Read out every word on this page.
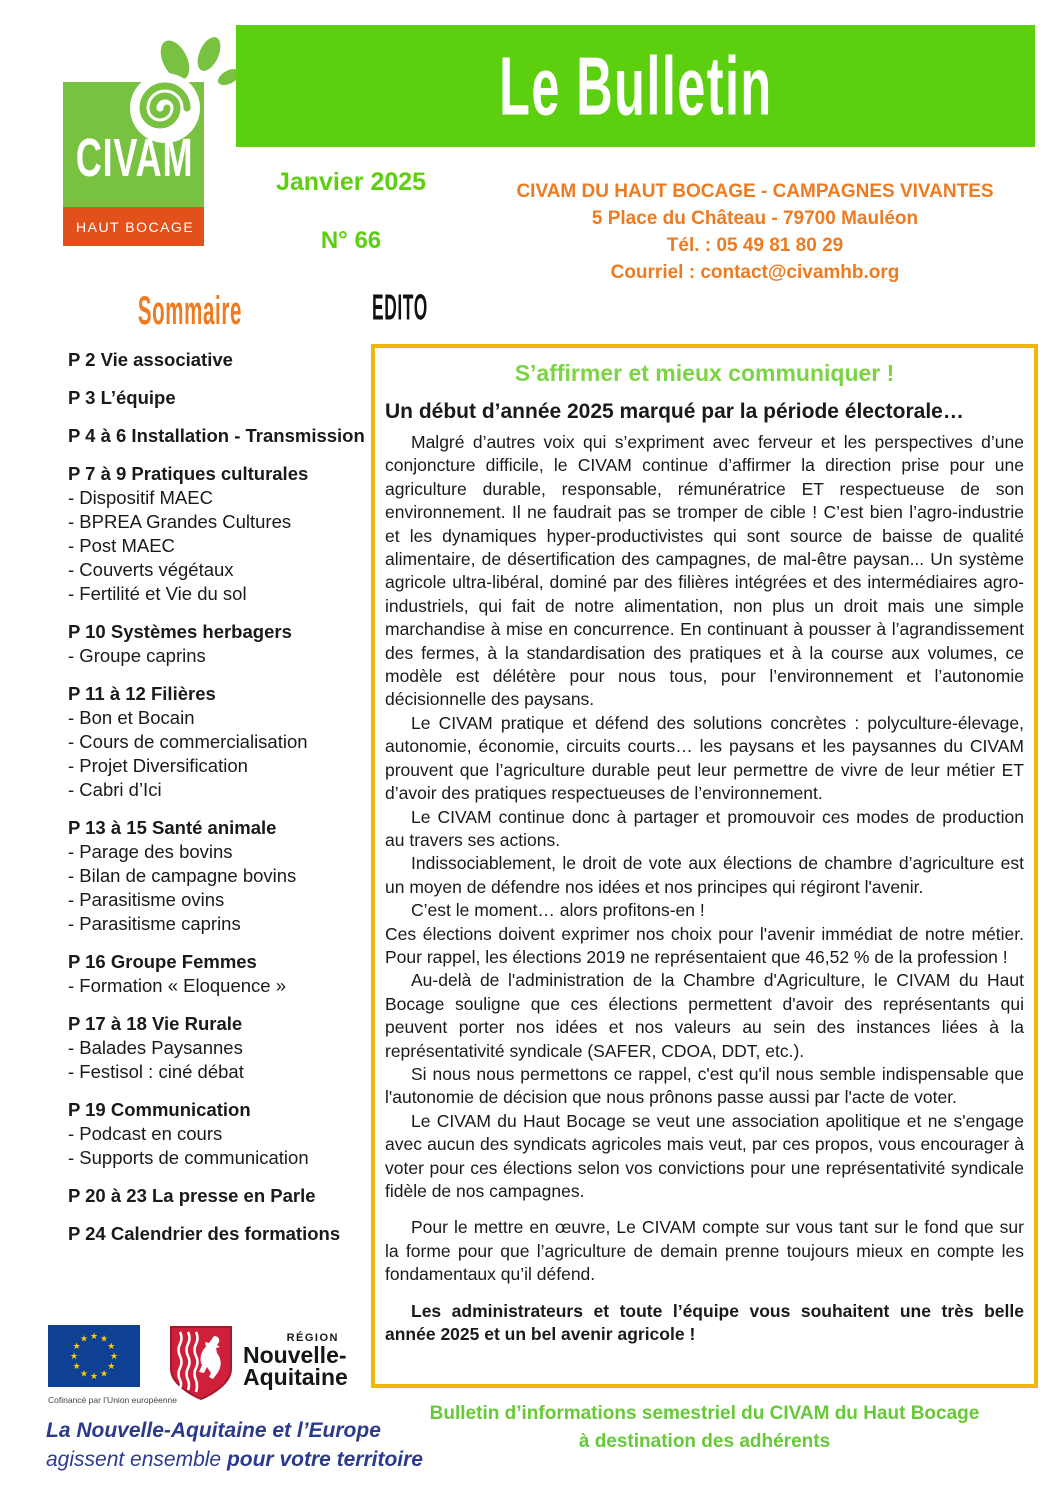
CIVAM
HAUT BOCAGE
Le Bulletin
Janvier 2025
N° 66
CIVAM DU HAUT BOCAGE - CAMPAGNES VIVANTES
5 Place du Château - 79700 Mauléon
Tél. : 05 49 81 80 29
Courriel : contact@civamhb.org
Sommaire
P 2 Vie associative
P 3 L’équipe
P 4 à 6 Installation - Transmission
P 7 à 9 Pratiques culturales
- Dispositif MAEC
- BPREA Grandes Cultures
- Post MAEC
- Couverts végétaux
- Fertilité et Vie du sol
P 10 Systèmes herbagers
- Groupe caprins
P 11 à 12 Filières
- Bon et Bocain
- Cours de commercialisation
- Projet Diversification
- Cabri d’Ici
P 13 à 15 Santé animale
- Parage des bovins
- Bilan de campagne bovins
- Parasitisme ovins
- Parasitisme caprins
P 16 Groupe Femmes
- Formation « Eloquence »
P 17 à 18 Vie Rurale
- Balades Paysannes
- Festisol : ciné débat
P 19 Communication
- Podcast en cours
- Supports de communication
P 20 à 23 La presse en Parle
P 24 Calendrier des formations
EDITO
S’affirmer et mieux communiquer !
Un début d’année 2025 marqué par la période électorale…

Malgré d’autres voix qui s’expriment avec ferveur et les perspectives d’une conjoncture difficile, le CIVAM continue d’affirmer la direction prise pour une agriculture durable, responsable, rémunératrice ET respectueuse de son environnement. Il ne faudrait pas se tromper de cible ! C’est bien l’agro-industrie et les dynamiques hyper-productivistes qui sont source de baisse de qualité alimentaire, de désertification des campagnes, de mal-être paysan... Un système agricole ultra-libéral, dominé par des filières intégrées et des intermédiaires agro-industriels, qui fait de notre alimentation, non plus un droit mais une simple marchandise à mise en concurrence. En continuant à pousser à l’agrandissement des fermes, à la standardisation des pratiques et à la course aux volumes, ce modèle est délétère pour nous tous, pour l’environnement et l’autonomie décisionnelle des paysans.

Le CIVAM pratique et défend des solutions concrètes : polyculture-élevage, autonomie, économie, circuits courts… les paysans et les paysannes du CIVAM prouvent que l’agriculture durable peut leur permettre de vivre de leur métier ET d’avoir des pratiques respectueuses de l’environnement.

Le CIVAM continue donc à partager et promouvoir ces modes de production au travers ses actions.

Indissociablement, le droit de vote aux élections de chambre d’agriculture est un moyen de défendre nos idées et nos principes qui régiront l'avenir.

C’est le moment… alors profitons-en !

Ces élections doivent exprimer nos choix pour l'avenir immédiat de notre métier. Pour rappel, les élections 2019 ne représentaient que 46,52 % de la profession !

Au-delà de l'administration de la Chambre d'Agriculture, le CIVAM du Haut Bocage souligne que ces élections permettent d'avoir des représentants qui peuvent porter nos idées et nos valeurs au sein des instances liées à la représentativité syndicale (SAFER, CDOA, DDT, etc.).

Si nous nous permettons ce rappel, c'est qu'il nous semble indispensable que l'autonomie de décision que nous prônons passe aussi par l'acte de voter.

Le CIVAM du Haut Bocage se veut une association apolitique et ne s'engage avec aucun des syndicats agricoles mais veut, par ces propos, vous encourager à voter pour ces élections selon vos convictions pour une représentativité syndicale fidèle de nos campagnes.

Pour le mettre en œuvre, Le CIVAM compte sur vous tant sur le fond que sur la forme pour que l’agriculture de demain prenne toujours mieux en compte les fondamentaux qu’il défend.

Les administrateurs et toute l’équipe vous souhaitent une très belle année 2025 et un bel avenir agricole !

Bulletin d’informations semestriel du CIVAM du Haut Bocage
à destination des adhérents
★
★
★
★
★
★
★
★
★ ★ ★
★
Cofinancé par l’Union européenne
RÉGION
Nouvelle-
Aquitaine
La Nouvelle-Aquitaine et l’Europe
agissent ensemble pour votre territoire
